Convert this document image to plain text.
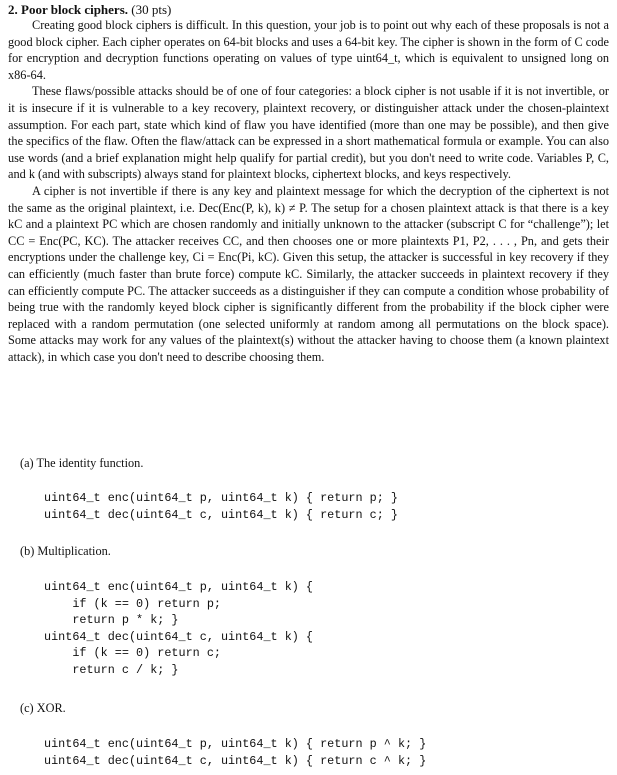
2. Poor block ciphers. (30 pts)

Creating good block ciphers is difficult. In this question, your job is to point out why each of these proposals is not a good block cipher. Each cipher operates on 64-bit blocks and uses a 64-bit key. The cipher is shown in the form of C code for encryption and decryption functions operating on values of type uint64_t, which is equivalent to unsigned long on x86-64.

These flaws/possible attacks should be of one of four categories: a block cipher is not usable if it is not invertible, or it is insecure if it is vulnerable to a key recovery, plaintext recovery, or distinguisher attack under the chosen-plaintext assumption. For each part, state which kind of flaw you have identified (more than one may be possible), and then give the specifics of the flaw. Often the flaw/attack can be expressed in a short mathematical formula or example. You can also use words (and a brief explanation might help qualify for partial credit), but you don't need to write code. Variables P, C, and k (and with subscripts) always stand for plaintext blocks, ciphertext blocks, and keys respectively.

A cipher is not invertible if there is any key and plaintext message for which the decryption of the ciphertext is not the same as the original plaintext, i.e. Dec(Enc(P, k), k) ≠ P. The setup for a chosen plaintext attack is that there is a key kC and a plaintext PC which are chosen randomly and initially unknown to the attacker (subscript C for “challenge”); let CC = Enc(PC, KC). The attacker receives CC, and then chooses one or more plaintexts P1, P2, . . . , Pn, and gets their encryptions under the challenge key, Ci = Enc(Pi, kC). Given this setup, the attacker is successful in key recovery if they can efficiently (much faster than brute force) compute kC. Similarly, the attacker succeeds in plaintext recovery if they can efficiently compute PC. The attacker succeeds as a distinguisher if they can compute a condition whose probability of being true with the randomly keyed block cipher is significantly different from the probability if the block cipher were replaced with a random permutation (one selected uniformly at random among all permutations on the block space). Some attacks may work for any values of the plaintext(s) without the attacker having to choose them (a known plaintext attack), in which case you don't need to describe choosing them.

(a) The identity function.
uint64_t enc(uint64_t p, uint64_t k) { return p; }
uint64_t dec(uint64_t c, uint64_t k) { return c; }
(b) Multiplication.
uint64_t enc(uint64_t p, uint64_t k) {
if (k == 0) return p;
return p * k; }
uint64_t dec(uint64_t c, uint64_t k) {
if (k == 0) return c;
return c / k; }
(c) XOR.
uint64_t enc(uint64_t p, uint64_t k) { return p ^ k; }
uint64_t dec(uint64_t c, uint64_t k) { return c ^ k; }
